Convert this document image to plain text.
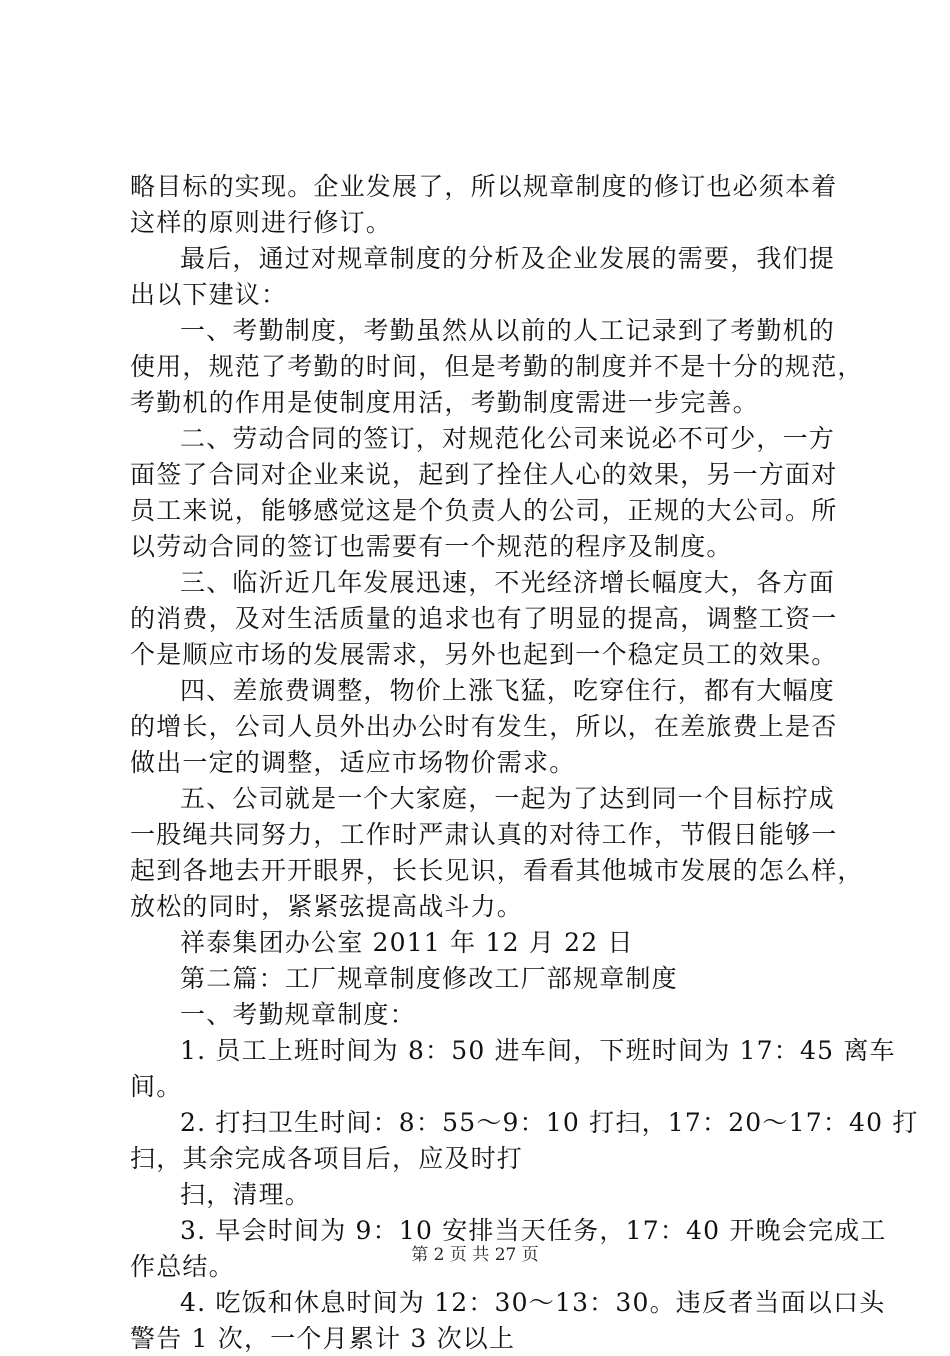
略目标的实现。企业发展了，所以规章制度的修订也必须本着
这样的原则进行修订。
最后，通过对规章制度的分析及企业发展的需要，我们提
出以下建议：
一、考勤制度，考勤虽然从以前的人工记录到了考勤机的
使用，规范了考勤的时间，但是考勤的制度并不是十分的规范，
考勤机的作用是使制度用活，考勤制度需进一步完善。
二、劳动合同的签订，对规范化公司来说必不可少，一方
面签了合同对企业来说，起到了拴住人心的效果，另一方面对
员工来说，能够感觉这是个负责人的公司，正规的大公司。所
以劳动合同的签订也需要有一个规范的程序及制度。
三、临沂近几年发展迅速，不光经济增长幅度大，各方面
的消费，及对生活质量的追求也有了明显的提高，调整工资一
个是顺应市场的发展需求，另外也起到一个稳定员工的效果。
四、差旅费调整，物价上涨飞猛，吃穿住行，都有大幅度
的增长，公司人员外出办公时有发生，所以，在差旅费上是否
做出一定的调整，适应市场物价需求。
五、公司就是一个大家庭，一起为了达到同一个目标拧成
一股绳共同努力，工作时严肃认真的对待工作，节假日能够一
起到各地去开开眼界，长长见识，看看其他城市发展的怎么样，
放松的同时，紧紧弦提高战斗力。
祥泰集团办公室 2011 年 12 月 22 日
第二篇：工厂规章制度修改工厂部规章制度
一、考勤规章制度：
1. 员工上班时间为 8：50 进车间，下班时间为 17：45 离车
间。
2. 打扫卫生时间：8：55～9：10 打扫，17：20～17：40 打
扫，其余完成各项目后，应及时打
扫，清理。
3. 早会时间为 9：10 安排当天任务，17：40 开晚会完成工
作总结。
4. 吃饭和休息时间为 12：30～13：30。违反者当面以口头
警告 1 次，一个月累计 3 次以上
第 2 页 共 27 页
